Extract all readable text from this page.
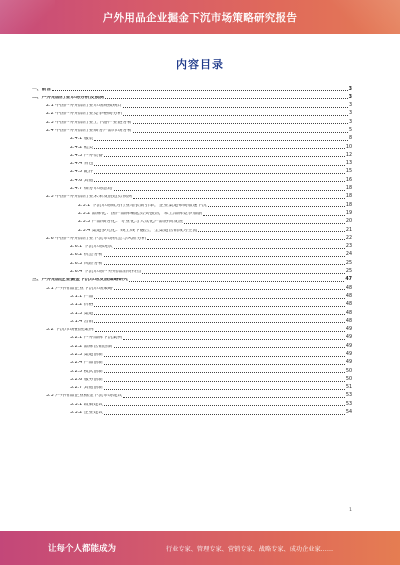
户外用品企业掘金下沉市场策略研究报告
内容目录
一、前言	3
二、户外用品行业市场分析及预测	3
2.1 中国户外用品行业市场规模统计	3
2.2 中国户外用品行业竞争格局分析	3
2.3 中国户外用品行业上下游产业链分析	3
2.4 中国户外用品行业细分产品市场分析	5
2.4.1 服装	8
2.4.2 鞋类	10
2.4.3 户外装备	12
2.4.4 背包	13
2.4.5 配件	15
2.4.6 其他	16
2.4.7 细分市场总结	18
2.5 中国户外用品行业未来发展趋势预测	18
2.5.1 下沉市场成为行业增长新引擎，企业渠道布局加速下沉	18
2.5.2 品牌化：国产品牌崛起势头强劲，本土品牌竞争加剧	19
2.5.3 产品细分化：专业化与大众化产品协同发展	20
2.5.4 渠道多元化：线上线下融合，全渠道营销成为主流	21
2.6 中国户外用品行业下沉市场机会与风险分析	22
2.6.1 下沉市场现状	23
2.6.2 机会分析	24
2.6.3 风险分析	25
2.6.4 下沉市场户外用品消费特点	25
三、户外用品企业掘金下沉市场发展策略研究	47
3.1 户外用品企业下沉市场策略	48
3.1.1 产品	48
3.1.2 价格	48
3.1.3 渠道	48
3.1.4 营销	48
3.2 下沉市场拓展案例	49
3.2.1 户外品牌下沉案例	49
3.2.2 品牌营销创新	49
3.2.3 渠道创新	49
3.2.4 产品创新	49
3.2.5 模式创新	50
3.2.6 服务创新	50
3.2.7 其他创新	51
3.3 户外用品企业掘金下沉市场建议	53
3.3.1 政策建议	53
3.3.2 企业建议	54
1
让每个人都能成为	行业专家、管理专家、营销专家、战略专家、成功企业家……
